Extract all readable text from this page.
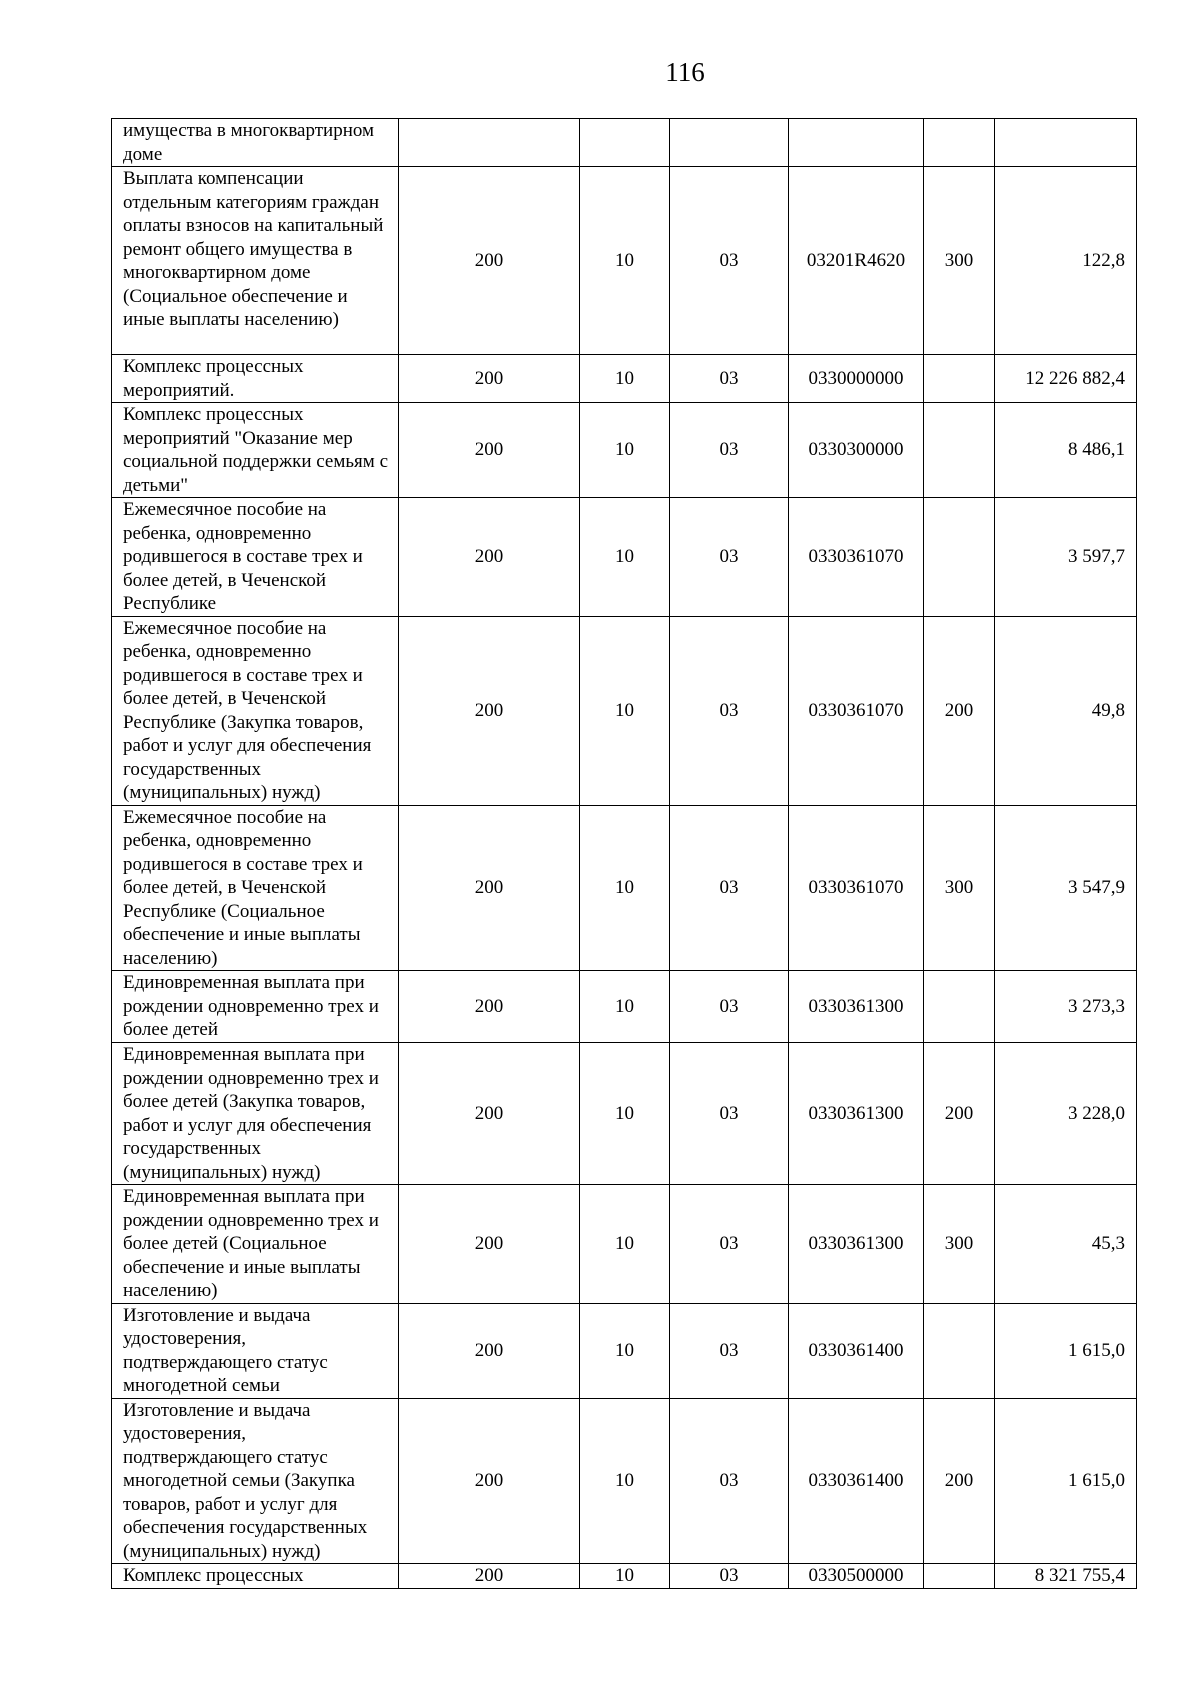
116
имущества в многоквартирном доме						

Выплата компенсации отдельным категориям граждан оплаты взносов на капитальный ремонт общего имущества в многоквартирном доме (Социальное обеспечение и иные выплаты населению)	200	10	03	03201R4620	300	122,8

Комплекс процессных мероприятий.	200	10	03	0330000000		12 226 882,4

Комплекс процессных мероприятий "Оказание мер социальной поддержки семьям с детьми"	200	10	03	0330300000		8 486,1

Ежемесячное пособие на ребенка, одновременно родившегося в составе трех и более детей, в Чеченской Республике	200	10	03	0330361070		3 597,7

Ежемесячное пособие на ребенка, одновременно родившегося в составе трех и более детей, в Чеченской Республике (Закупка товаров, работ и услуг для обеспечения государственных (муниципальных) нужд)	200	10	03	0330361070	200	49,8

Ежемесячное пособие на ребенка, одновременно родившегося в составе трех и более детей, в Чеченской Республике (Социальное обеспечение и иные выплаты населению)	200	10	03	0330361070	300	3 547,9

Единовременная выплата при рождении одновременно трех и более детей	200	10	03	0330361300		3 273,3

Единовременная выплата при рождении одновременно трех и более детей (Закупка товаров, работ и услуг для обеспечения государственных (муниципальных) нужд)	200	10	03	0330361300	200	3 228,0

Единовременная выплата при рождении одновременно трех и более детей (Социальное обеспечение и иные выплаты населению)	200	10	03	0330361300	300	45,3

Изготовление и выдача удостоверения, подтверждающего статус многодетной семьи	200	10	03	0330361400		1 615,0

Изготовление и выдача удостоверения, подтверждающего статус многодетной семьи (Закупка товаров, работ и услуг для обеспечения государственных (муниципальных) нужд)	200	10	03	0330361400	200	1 615,0

Комплекс процессных	200	10	03	0330500000		8 321 755,4
